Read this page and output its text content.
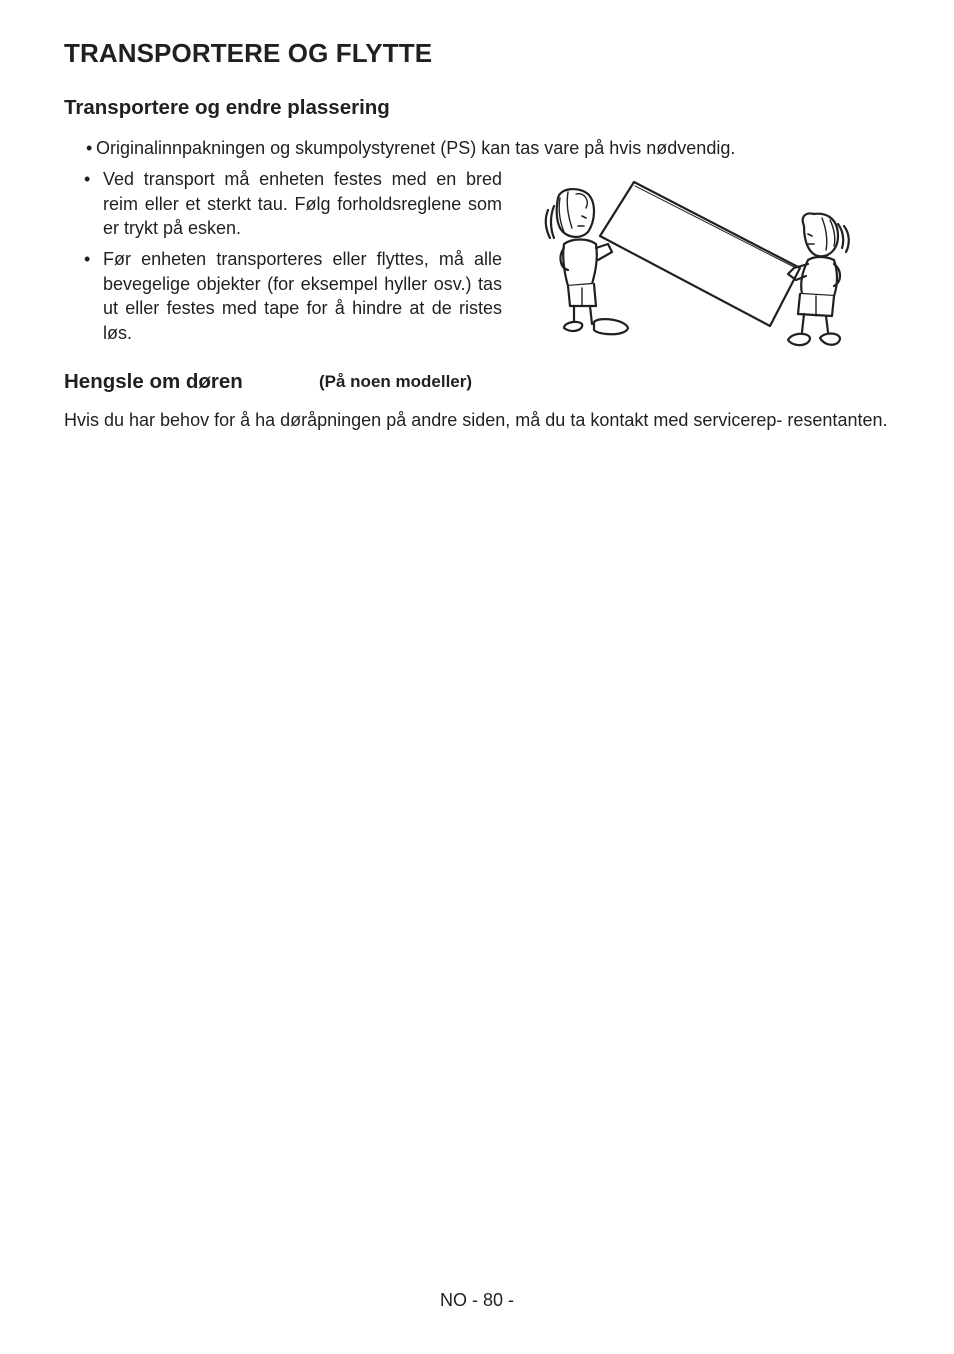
TRANSPORTERE OG FLYTTE
Transportere og endre plassering

• Originalinnpakningen og skumpolystyrenet (PS) kan tas vare på hvis nødvendig.

• Ved transport må enheten festes med en bred reim eller et sterkt tau. Følg forholdsreglene som er trykt på esken.

• Før enheten transporteres eller flyttes, må alle bevegelige objekter (for eksempel hyller osv.) tas ut eller festes med tape for å hindre at de ristes løs.

Hengsle om døren	(På noen modeller)

Hvis du har behov for å ha døråpningen på andre siden, må du ta kontakt med servicerep- resentanten.

NO - 80 -
